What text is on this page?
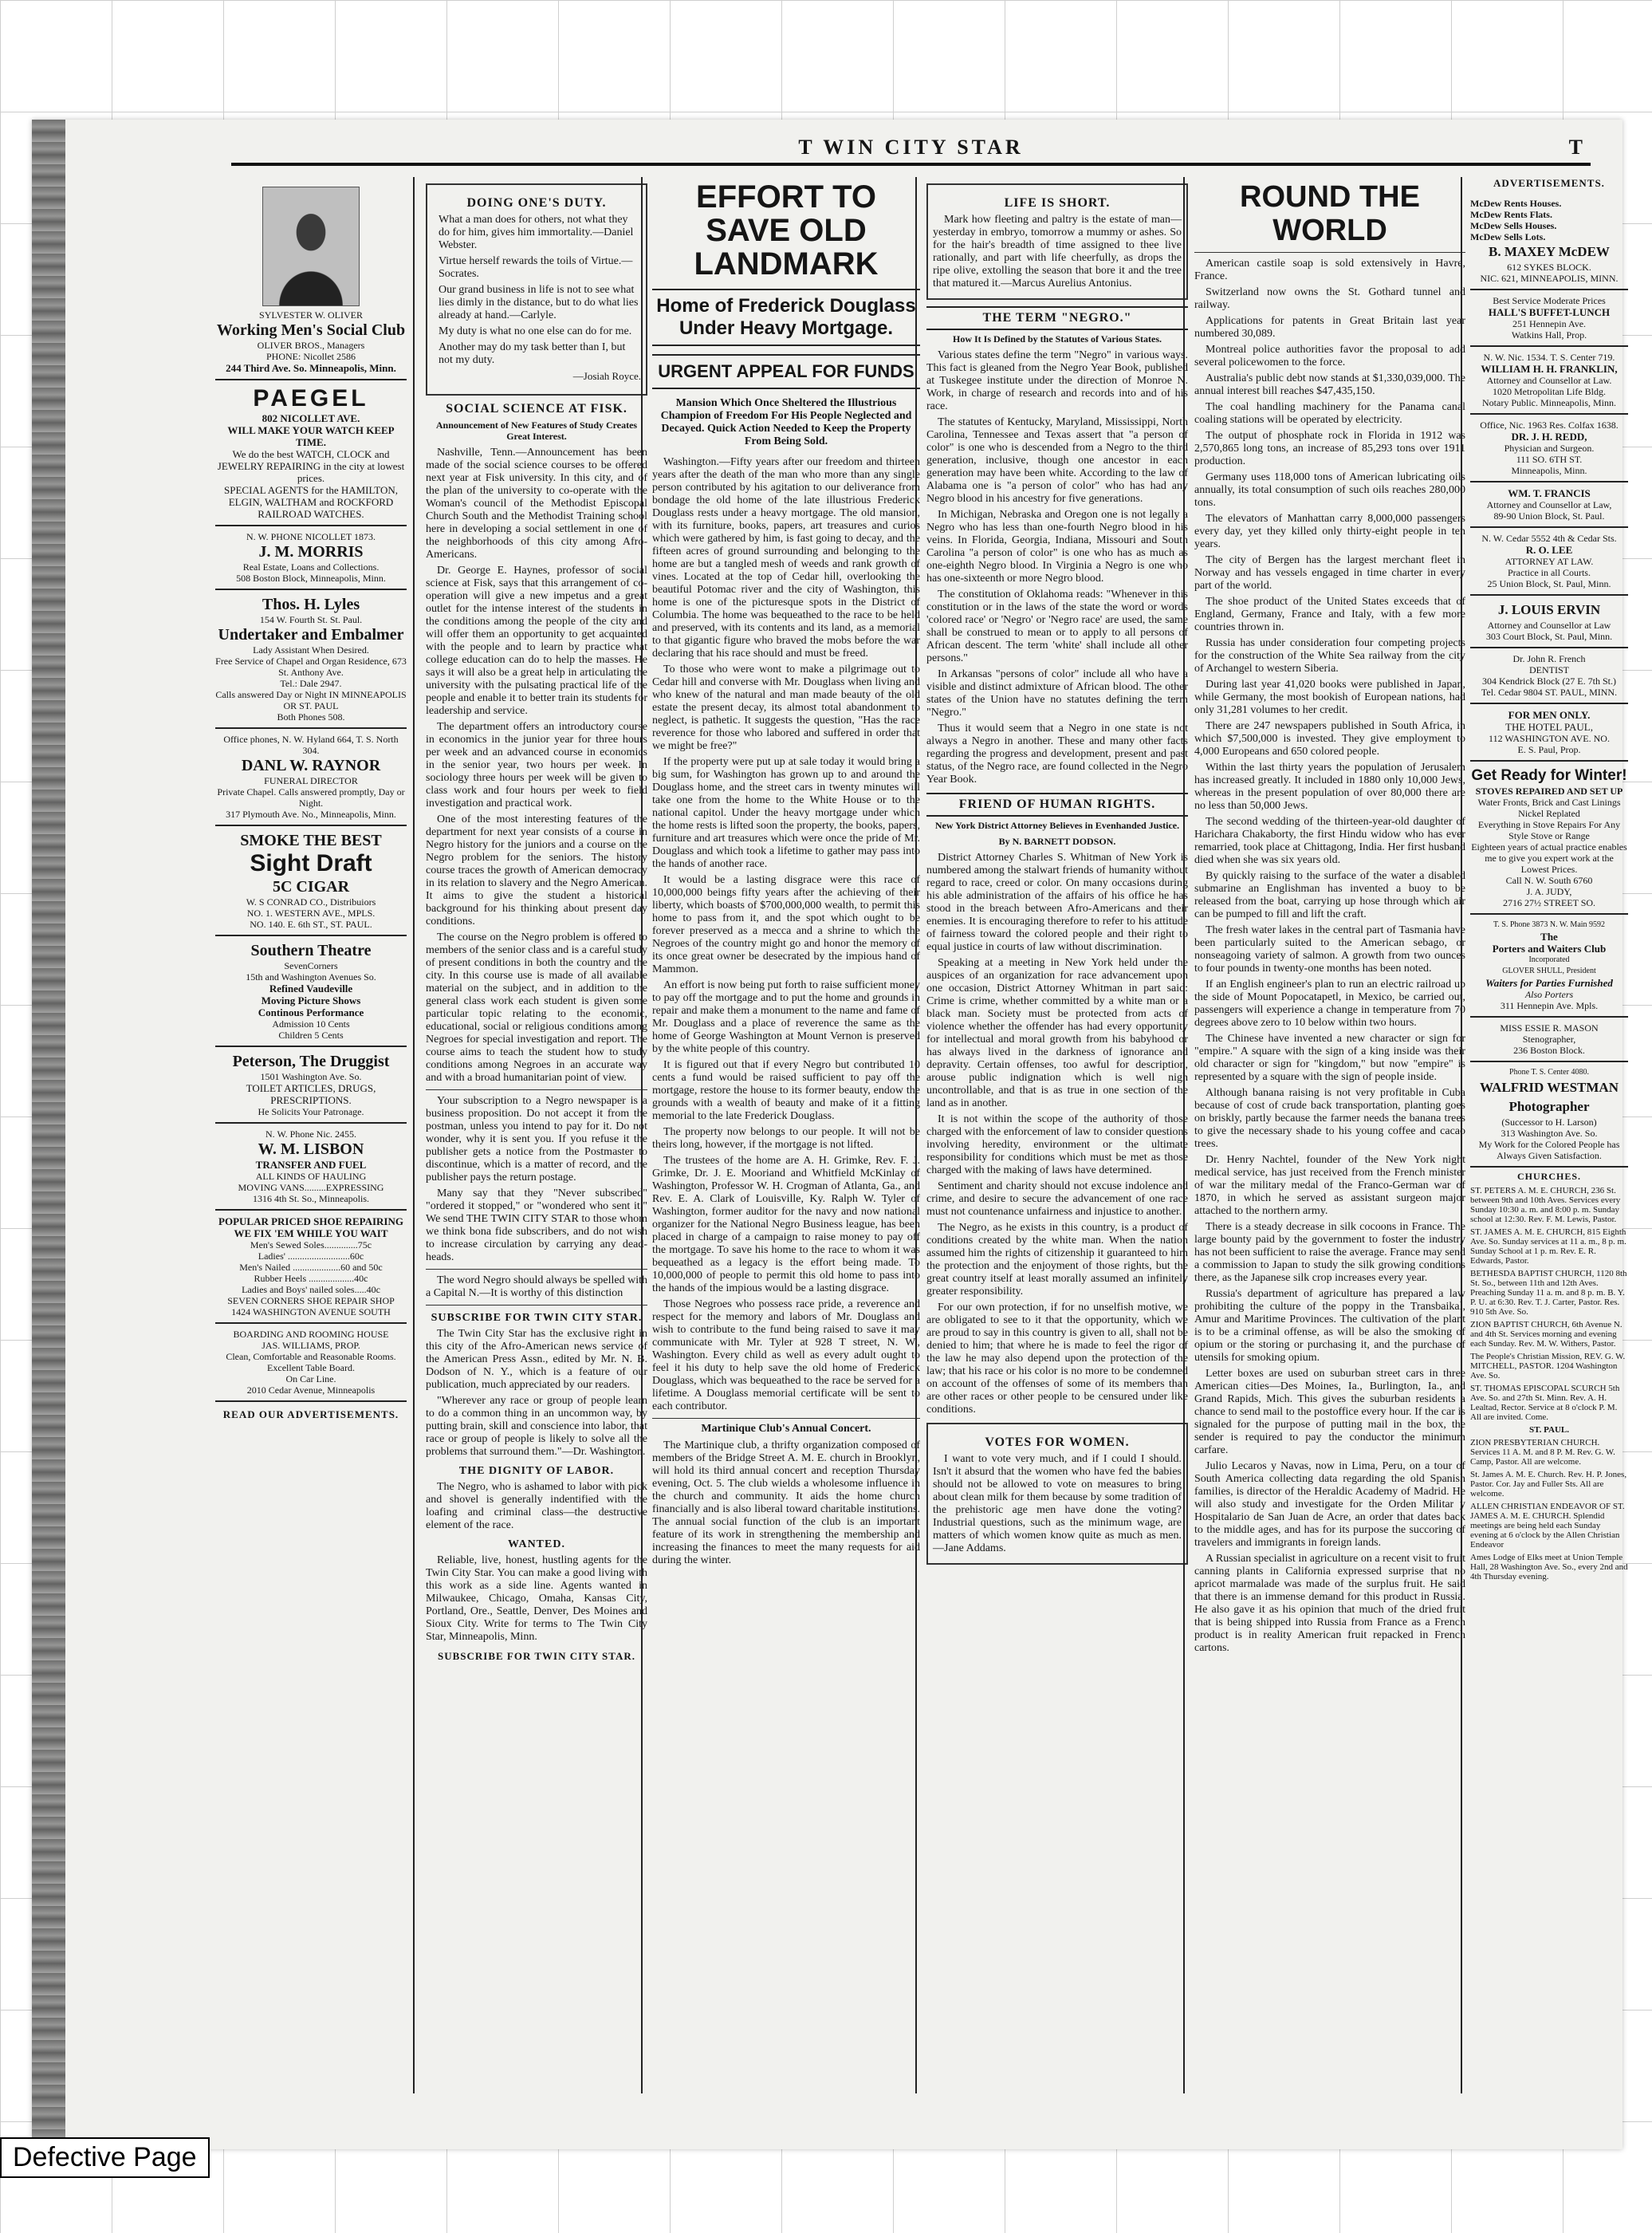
T WIN CITY STAR	T
SYLVESTER W. OLIVER
Working Men's Social Club
OLIVER BROS., Managers
PHONE: Nicollet 2586
244 Third Ave. So. Minneapolis, Minn.
PAEGEL
802 NICOLLET AVE.
WILL MAKE YOUR WATCH KEEP TIME.
We do the best WATCH, CLOCK and JEWELRY REPAIRING in the city at lowest prices.
SPECIAL AGENTS for the HAMILTON, ELGIN, WALTHAM and ROCKFORD RAILROAD WATCHES.
N. W. PHONE NICOLLET 1873.
J. M. MORRIS
Real Estate, Loans and Collections.
508 Boston Block, Minneapolis, Minn.
Thos. H. Lyles
154 W. Fourth St. St. Paul.
Undertaker and Embalmer
Lady Assistant When Desired.
Free Service of Chapel and Organ Residence, 673 St. Anthony Ave.
Tel.: Dale 2947.
Calls answered Day or Night IN MINNEAPOLIS OR ST. PAUL
Both Phones 508.
Office phones, N. W. Hyland 664, T. S. North 304.
DANL W. RAYNOR
FUNERAL DIRECTOR
Private Chapel. Calls answered promptly, Day or Night.
317 Plymouth Ave. No., Minneapolis, Minn.
SMOKE THE BEST
Sight Draft
5C CIGAR
W. S CONRAD CO., Distribuiors
NO. 1. WESTERN AVE., MPLS.
NO. 140. E. 6th ST., ST. PAUL.
Southern Theatre
SevenCorners
15th and Washington Avenues So.
Refined Vaudeville
Moving Picture Shows
Continous Performance
Admission 10 Cents
Children 5 Cents
Peterson, The Druggist
1501 Washington Ave. So.
TOILET ARTICLES, DRUGS, PRESCRIPTIONS.
He Solicits Your Patronage.
N. W. Phone Nic. 2455.
W. M. LISBON
TRANSFER AND FUEL
ALL KINDS OF HAULING
MOVING VANS.........EXPRESSING
1316 4th St. So., Minneapolis.
POPULAR PRICED SHOE REPAIRING
WE FIX 'EM WHILE YOU WAIT
Men's Sewed Soles..............75c
Ladies' ..........................60c
Men's Nailed ....................60 and 50c
Rubber Heels ...................40c
Ladies and Boys' nailed soles.....40c
SEVEN CORNERS SHOE REPAIR SHOP
1424 WASHINGTON AVENUE SOUTH
BOARDING AND ROOMING HOUSE
JAS. WILLIAMS, PROP.
Clean, Comfortable and Reasonable Rooms. Excellent Table Board.
On Car Line.
2010 Cedar Avenue, Minneapolis
READ OUR ADVERTISEMENTS.
DOING ONE'S DUTY.
What a man does for others, not what they do for him, gives him immortality.—Daniel Webster.
Virtue herself rewards the toils of Virtue.—Socrates.
Our grand business in life is not to see what lies dimly in the distance, but to do what lies already at hand.—Carlyle.
My duty is what no one else can do for me.
Another may do my task better than I, but not my duty.
—Josiah Royce.
SOCIAL SCIENCE AT FISK.
Announcement of New Features of Study Creates Great Interest.

Nashville, Tenn.—Announcement has been made of the social science courses to be offered next year at Fisk university. In this city, and of the plan of the university to co-operate with the Woman's council of the Methodist Episcopal Church South and the Methodist Training school here in developing a social settlement in one of the neighborhoods of this city among Afro-Americans.

Dr. George E. Haynes, professor of social science at Fisk, says that this arrangement of co-operation will give a new impetus and a great outlet for the intense interest of the students in the conditions among the people of the city and will offer them an opportunity to get acquainted with the people and to learn by practice what college education can do to help the masses. He says it will also be a great help in articulating the university with the pulsating practical life of the people and enable it to better train its students for leadership and service.

The department offers an introductory course in economics in the junior year for three hours per week and an advanced course in economics in the senior year, two hours per week. In sociology three hours per week will be given to class work and four hours per week to field investigation and practical work.

One of the most interesting features of the department for next year consists of a course in Negro history for the juniors and a course on the Negro problem for the seniors. The history course traces the growth of American democracy in its relation to slavery and the Negro American. It aims to give the student a historical background for his thinking about present day conditions.

The course on the Negro problem is offered to members of the senior class and is a careful study of present conditions in both the country and the city. In this course use is made of all available material on the subject, and in addition to the general class work each student is given some particular topic relating to the economic, educational, social or religious conditions among Negroes for special investigation and report. The course aims to teach the student how to study conditions among Negroes in an accurate way and with a broad humanitarian point of view.

Your subscription to a Negro newspaper is a business proposition. Do not accept it from the postman, unless you intend to pay for it. Do not wonder, why it is sent you. If you refuse it the publisher gets a notice from the Postmaster to discontinue, which is a matter of record, and the publisher pays the return postage.

Many say that they "Never subscribed" "ordered it stopped," or "wondered who sent it." We send THE TWIN CITY STAR to those whom we think bona fide subscribers, and do not wish to increase circulation by carrying any dead-heads.

The word Negro should always be spelled with a Capital N.—It is worthy of this distinction

SUBSCRIBE FOR TWIN CITY STAR.

The Twin City Star has the exclusive right in this city of the Afro-American news service of the American Press Assn., edited by Mr. N. B. Dodson of N. Y., which is a feature of our publication, much appreciated by our readers.

"Wherever any race or group of people learn to do a common thing in an uncommon way, by putting brain, skill and conscience into labor, that race or group of people is likely to solve all the problems that surround them."—Dr. Washington.

THE DIGNITY OF LABOR.

The Negro, who is ashamed to labor with pick and shovel is generally indentified with the loafing and criminal class—the destructive element of the race.

WANTED.

Reliable, live, honest, hustling agents for the Twin City Star. You can make a good living with this work as a side line. Agents wanted in Milwaukee, Chicago, Omaha, Kansas City, Portland, Ore., Seattle, Denver, Des Moines and Sioux City. Write for terms to The Twin City Star, Minneapolis, Minn.

SUBSCRIBE FOR TWIN CITY STAR.
EFFORT TO SAVE OLD LANDMARK
Home of Frederick Douglass Under Heavy Mortgage.
URGENT APPEAL FOR FUNDS
Mansion Which Once Sheltered the Illustrious Champion of Freedom For His People Neglected and Decayed. Quick Action Needed to Keep the Property From Being Sold.

Washington.—Fifty years after our freedom and thirteen years after the death of the man who more than any single person contributed by his agitation to our deliverance from bondage the old home of the late illustrious Frederick Douglass rests under a heavy mortgage. The old mansion, with its furniture, books, papers, art treasures and curios which were gathered by him, is fast going to decay, and the fifteen acres of ground surrounding and belonging to the home are but a tangled mesh of weeds and rank growth of vines. Located at the top of Cedar hill, overlooking the beautiful Potomac river and the city of Washington, this home is one of the picturesque spots in the District of Columbia. The home was bequeathed to the race to be held and preserved, with its contents and its land, as a memorial to that gigantic figure who braved the mobs before the war declaring that his race should and must be freed.

To those who were wont to make a pilgrimage out to Cedar hill and converse with Mr. Douglass when living and who knew of the natural and man made beauty of the old estate the present decay, its almost total abandonment to neglect, is pathetic. It suggests the question, "Has the race reverence for those who labored and suffered in order that we might be free?"

If the property were put up at sale today it would bring a big sum, for Washington has grown up to and around the Douglass home, and the street cars in twenty minutes will take one from the home to the White House or to the national capitol. Under the heavy mortgage under which the home rests is lifted soon the property, the books, papers, furniture and art treasures which were once the pride of Mr. Douglass and which took a lifetime to gather may pass into the hands of another race.

It would be a lasting disgrace were this race of 10,000,000 beings fifty years after the achieving of their liberty, which boasts of $700,000,000 wealth, to permit this home to pass from it, and the spot which ought to be forever preserved as a mecca and a shrine to which the Negroes of the country might go and honor the memory of its once great owner be desecrated by the impious hand of Mammon.

An effort is now being put forth to raise sufficient money to pay off the mortgage and to put the home and grounds in repair and make them a monument to the name and fame of Mr. Douglass and a place of reverence the same as the home of George Washington at Mount Vernon is preserved by the white people of this country.

It is figured out that if every Negro but contributed 10 cents a fund would be raised sufficient to pay off the mortgage, restore the house to its former beauty, endow the grounds with a wealth of beauty and make of it a fitting memorial to the late Frederick Douglass.

The property now belongs to our people. It will not be theirs long, however, if the mortgage is not lifted.

The trustees of the home are A. H. Grimke, Rev. F. J. Grimke, Dr. J. E. Mooriand and Whitfield McKinlay of Washington, Professor W. H. Crogman of Atlanta, Ga., and Rev. E. A. Clark of Louisville, Ky. Ralph W. Tyler of Washington, former auditor for the navy and now national organizer for the National Negro Business league, has been placed in charge of a campaign to raise money to pay off the mortgage. To save his home to the race to whom it was bequeathed as a legacy is the effort being made. To 10,000,000 of people to permit this old home to pass into the hands of the impious would be a lasting disgrace.

Those Negroes who possess race pride, a reverence and respect for the memory and labors of Mr. Douglass and wish to contribute to the fund being raised to save it may communicate with Mr. Tyler at 928 T street, N. W., Washington. Every child as well as every adult ought to feel it his duty to help save the old home of Frederick Douglass, which was bequeathed to the race be served for a lifetime. A Douglass memorial certificate will be sent to each contributor.

Martinique Club's Annual Concert.

The Martinique club, a thrifty organization composed of members of the Bridge Street A. M. E. church in Brooklyn, will hold its third annual concert and reception Thursday evening, Oct. 5. The club wields a wholesome influence in the church and community. It aids the home church financially and is also liberal toward charitable institutions. The annual social function of the club is an important feature of its work in strengthening the membership and increasing the finances to meet the many requests for aid during the winter.

LIFE IS SHORT.

Mark how fleeting and paltry is the estate of man—yesterday in embryo, tomorrow a mummy or ashes. So for the hair's breadth of time assigned to thee live rationally, and part with life cheerfully, as drops the ripe olive, extolling the season that bore it and the tree that matured it.—Marcus Aurelius Antonius.

THE TERM "NEGRO."
How It Is Defined by the Statutes of Various States.

Various states define the term "Negro" in various ways. This fact is gleaned from the Negro Year Book, published at Tuskegee institute under the direction of Monroe N. Work, in charge of research and records into and of his race.

The statutes of Kentucky, Maryland, Mississippi, North Carolina, Tennessee and Texas assert that "a person of color" is one who is descended from a Negro to the third generation, inclusive, though one ancestor in each generation may have been white. According to the law of Alabama one is "a person of color" who has had any Negro blood in his ancestry for five generations.

In Michigan, Nebraska and Oregon one is not legally a Negro who has less than one-fourth Negro blood in his veins. In Florida, Georgia, Indiana, Missouri and South Carolina "a person of color" is one who has as much as one-eighth Negro blood. In Virginia a Negro is one who has one-sixteenth or more Negro blood.

The constitution of Oklahoma reads: "Whenever in this constitution or in the laws of the state the word or words 'colored race' or 'Negro' or 'Negro race' are used, the same shall be construed to mean or to apply to all persons of African descent. The term 'white' shall include all other persons."

In Arkansas "persons of color" include all who have a visible and distinct admixture of African blood. The other states of the Union have no statutes defining the term "Negro."

Thus it would seem that a Negro in one state is not always a Negro in another. These and many other facts regarding the progress and development, present and past status, of the Negro race, are found collected in the Negro Year Book.

FRIEND OF HUMAN RIGHTS.
New York District Attorney Believes in Evenhanded Justice.
By N. BARNETT DODSON.

District Attorney Charles S. Whitman of New York is numbered among the stalwart friends of humanity without regard to race, creed or color. On many occasions during his able administration of the affairs of his office he has stood in the breach between Afro-Americans and their enemies. It is encouraging therefore to refer to his attitude of fairness toward the colored people and their right to equal justice in courts of law without discrimination.

Speaking at a meeting in New York held under the auspices of an organization for race advancement upon one occasion, District Attorney Whitman in part said: Crime is crime, whether committed by a white man or a black man. Society must be protected from acts of violence whether the offender has had every opportunity for intellectual and moral growth from his babyhood or has always lived in the darkness of ignorance and depravity. Certain offenses, too awful for description, arouse public indignation which is well nigh uncontrollable, and that is as true in one section of the land as in another.

It is not within the scope of the authority of those charged with the enforcement of law to consider questions involving heredity, environment or the ultimate responsibility for conditions which must be met as those charged with the making of laws have determined.

Sentiment and charity should not excuse indolence and crime, and desire to secure the advancement of one race must not countenance unfairness and injustice to another.

The Negro, as he exists in this country, is a product of conditions created by the white man. When the nation assumed him the rights of citizenship it guaranteed to him the protection and the enjoyment of those rights, but the great country itself at least morally assumed an infinitely greater responsibility.

For our own protection, if for no unselfish motive, we are obligated to see to it that the opportunity, which we are proud to say in this country is given to all, shall not be denied to him; that where he is made to feel the rigor of the law he may also depend upon the protection of the law; that his race or his color is no more to be condemned on account of the offenses of some of its members than are other races or other people to be censured under like conditions.

VOTES FOR WOMEN.

I want to vote very much, and if I could I should. Isn't it absurd that the women who have fed the babies should not be allowed to vote on measures to bring about clean milk for them because by some tradition of the prehistoric age men have done the voting? Industrial questions, such as the minimum wage, are matters of which women know quite as much as men.—Jane Addams.

ROUND THE WORLD

American castile soap is sold extensively in Havre, France.

Switzerland now owns the St. Gothard tunnel and railway.

Applications for patents in Great Britain last year numbered 30,089.

Montreal police authorities favor the proposal to add several policewomen to the force.

Australia's public debt now stands at $1,330,039,000. The annual interest bill reaches $47,435,150.

The coal handling machinery for the Panama canal coaling stations will be operated by electricity.

The output of phosphate rock in Florida in 1912 was 2,570,865 long tons, an increase of 85,293 tons over 1911 production.

Germany uses 118,000 tons of American lubricating oils annually, its total consumption of such oils reaches 280,000 tons.

The elevators of Manhattan carry 8,000,000 passengers every day, yet they killed only thirty-eight people in ten years.

The city of Bergen has the largest merchant fleet in Norway and has vessels engaged in time charter in every part of the world.

The shoe product of the United States exceeds that of England, Germany, France and Italy, with a few more countries thrown in.

Russia has under consideration four competing projects for the construction of the White Sea railway from the city of Archangel to western Siberia.

During last year 41,020 books were published in Japan, while Germany, the most bookish of European nations, had only 31,281 volumes to her credit.

There are 247 newspapers published in South Africa, in which $7,500,000 is invested. They give employment to 4,000 Europeans and 650 colored people.

Within the last thirty years the population of Jerusalem has increased greatly. It included in 1880 only 10,000 Jews, whereas in the present population of over 80,000 there are no less than 50,000 Jews.

The second wedding of the thirteen-year-old daughter of Harichara Chakaborty, the first Hindu widow who has ever remarried, took place at Chittagong, India. Her first husband died when she was six years old.

By quickly raising to the surface of the water a disabled submarine an Englishman has invented a buoy to be released from the boat, carrying up hose through which air can be pumped to fill and lift the craft.

The fresh water lakes in the central part of Tasmania have been particularly suited to the American sebago, or nonseagoing variety of salmon. A growth from two ounces to four pounds in twenty-one months has been noted.

If an English engineer's plan to run an electric railroad up the side of Mount Popocatapetl, in Mexico, be carried out, passengers will experience a change in temperature from 70 degrees above zero to 10 below within two hours.

The Chinese have invented a new character or sign for "empire." A square with the sign of a king inside was their old character or sign for "kingdom," but now "empire" is represented by a square with the sign of people inside.

Although banana raising is not very profitable in Cuba because of cost of crude back transportation, planting goes on briskly, partly because the farmer needs the banana trees to give the necessary shade to his young coffee and cacao trees.

Dr. Henry Nachtel, founder of the New York night medical service, has just received from the French minister of war the military medal of the Franco-German war of 1870, in which he served as assistant surgeon major attached to the northern army.

There is a steady decrease in silk cocoons in France. The large bounty paid by the government to foster the industry has not been sufficient to raise the average. France may send a commission to Japan to study the silk growing conditions there, as the Japanese silk crop increases every year.

Russia's department of agriculture has prepared a law prohibiting the culture of the poppy in the Transbaikal, Amur and Maritime Provinces. The cultivation of the plant is to be a criminal offense, as will be also the smoking of opium or the storing or purchasing it, and the purchase of utensils for smoking opium.

Letter boxes are used on suburban street cars in three American cities—Des Moines, Ia., Burlington, Ia., and Grand Rapids, Mich. This gives the suburban residents a chance to send mail to the postoffice every hour. If the car is signaled for the purpose of putting mail in the box, the sender is required to pay the conductor the minimum carfare.

Julio Lecaros y Navas, now in Lima, Peru, on a tour of South America collecting data regarding the old Spanish families, is director of the Heraldic Academy of Madrid. He will also study and investigate for the Orden Militar y Hospitalario de San Juan de Acre, an order that dates back to the middle ages, and has for its purpose the succoring of travelers and immigrants in foreign lands.

A Russian specialist in agriculture on a recent visit to fruit canning plants in California expressed surprise that no apricot marmalade was made of the surplus fruit. He said that there is an immense demand for this product in Russia. He also gave it as his opinion that much of the dried fruit that is being shipped into Russia from France as a French product is in reality American fruit repacked in French cartons.

ADVERTISEMENTS.
McDew Rents Houses.
McDew Rents Flats.
McDew Sells Houses.
McDew Sells Lots.
B. MAXEY McDEW
612 SYKES BLOCK.
NIC. 621, MINNEAPOLIS, MINN.
Best Service Moderate Prices
HALL'S BUFFET-LUNCH
251 Hennepin Ave.
Watkins Hall, Prop.
N. W. Nic. 1534. T. S. Center 719.
WILLIAM H. H. FRANKLIN,
Attorney and Counsellor at Law.
1020 Metropolitan Life Bldg.
Notary Public. Minneapolis, Minn.
Office, Nic. 1963 Res. Colfax 1638.
DR. J. H. REDD,
Physician and Surgeon.
111 SO. 6TH ST.
Minneapolis, Minn.
WM. T. FRANCIS
Attorney and Counsellor at Law,
89-90 Union Block, St. Paul.
N. W. Cedar 5552 4th & Cedar Sts.
R. O. LEE
ATTORNEY AT LAW.
Practice in all Courts.
25 Union Block, St. Paul, Minn.
J. LOUIS ERVIN
Attorney and Counsellor at Law
303 Court Block, St. Paul, Minn.
Dr. John R. French
DENTIST
304 Kendrick Block (27 E. 7th St.)
Tel. Cedar 9804 ST. PAUL, MINN.
FOR MEN ONLY.
THE HOTEL PAUL,
112 WASHINGTON AVE. NO.
E. S. Paul, Prop.
Get Ready for Winter!
STOVES REPAIRED AND SET UP
Water Fronts, Brick and Cast Linings Nickel Replated
Everything in Stove Repairs For Any Style Stove or Range
Eighteen years of actual practice enables me to give you expert work at the Lowest Prices.
Call N. W. South 6760
J. A. JUDY,
2716 27½ STREET SO.
T. S. Phone 3873 N. W. Main 9592
The
Porters and Waiters Club
Incorporated
GLOVER SHULL, President
Waiters for Parties Furnished
Also Porters
311 Hennepin Ave. Mpls.
MISS ESSIE R. MASON
Stenographer,
236 Boston Block.
Phone T. S. Center 4080.
WALFRID WESTMAN
Photographer
(Successor to H. Larson)
313 Washington Ave. So.
My Work for the Colored People has Always Given Satisfaction.
CHURCHES.
ST. PETERS A. M. E. CHURCH, 236 St. between 9th and 10th Aves. Services every Sunday 10:30 a. m. and 8:00 p. m. Sunday school at 12:30. Rev. F. M. Lewis, Pastor.
ST. JAMES A. M. E. CHURCH, 815 Eighth Ave. So. Sunday services at 11 a. m., 8 p. m. Sunday School at 1 p. m. Rev. E. R. Edwards, Pastor.
BETHESDA BAPTIST CHURCH, 1120 8th St. So., between 11th and 12th Aves. Preaching Sunday 11 a. m. and 8 p. m. B. Y. P. U. at 6:30. Rev. T. J. Carter, Pastor. Res. 910 5th Ave. So.
ZION BAPTIST CHURCH, 6th Avenue N. and 4th St. Services morning and evening each Sunday. Rev. M. W. Withers, Pastor.
The People's Christian Mission, REV. G. W. MITCHELL, PASTOR. 1204 Washington Ave. So.
ST. THOMAS EPISCOPAL SCURCH 5th Ave. So. and 27th St. Minn. Rev. A. H. Lealtad, Rector. Service at 8 o'clock P. M. All are invited. Come.
ST. PAUL.
ZION PRESBYTERIAN CHURCH. Services 11 A. M. and 8 P. M. Rev. G. W. Camp, Pastor. All are welcome.
St. James A. M. E. Church. Rev. H. P. Jones, Pastor. Cor. Jay and Fuller Sts. All are welcome.
ALLEN CHRISTIAN ENDEAVOR OF ST. JAMES A. M. E. CHURCH. Splendid meetings are being held each Sunday evening at 6 o'clock by the Allen Christian Endeavor
Ames Lodge of Elks meet at Union Temple Hall, 28 Washington Ave. So., every 2nd and 4th Thursday evening.
Defective Page
